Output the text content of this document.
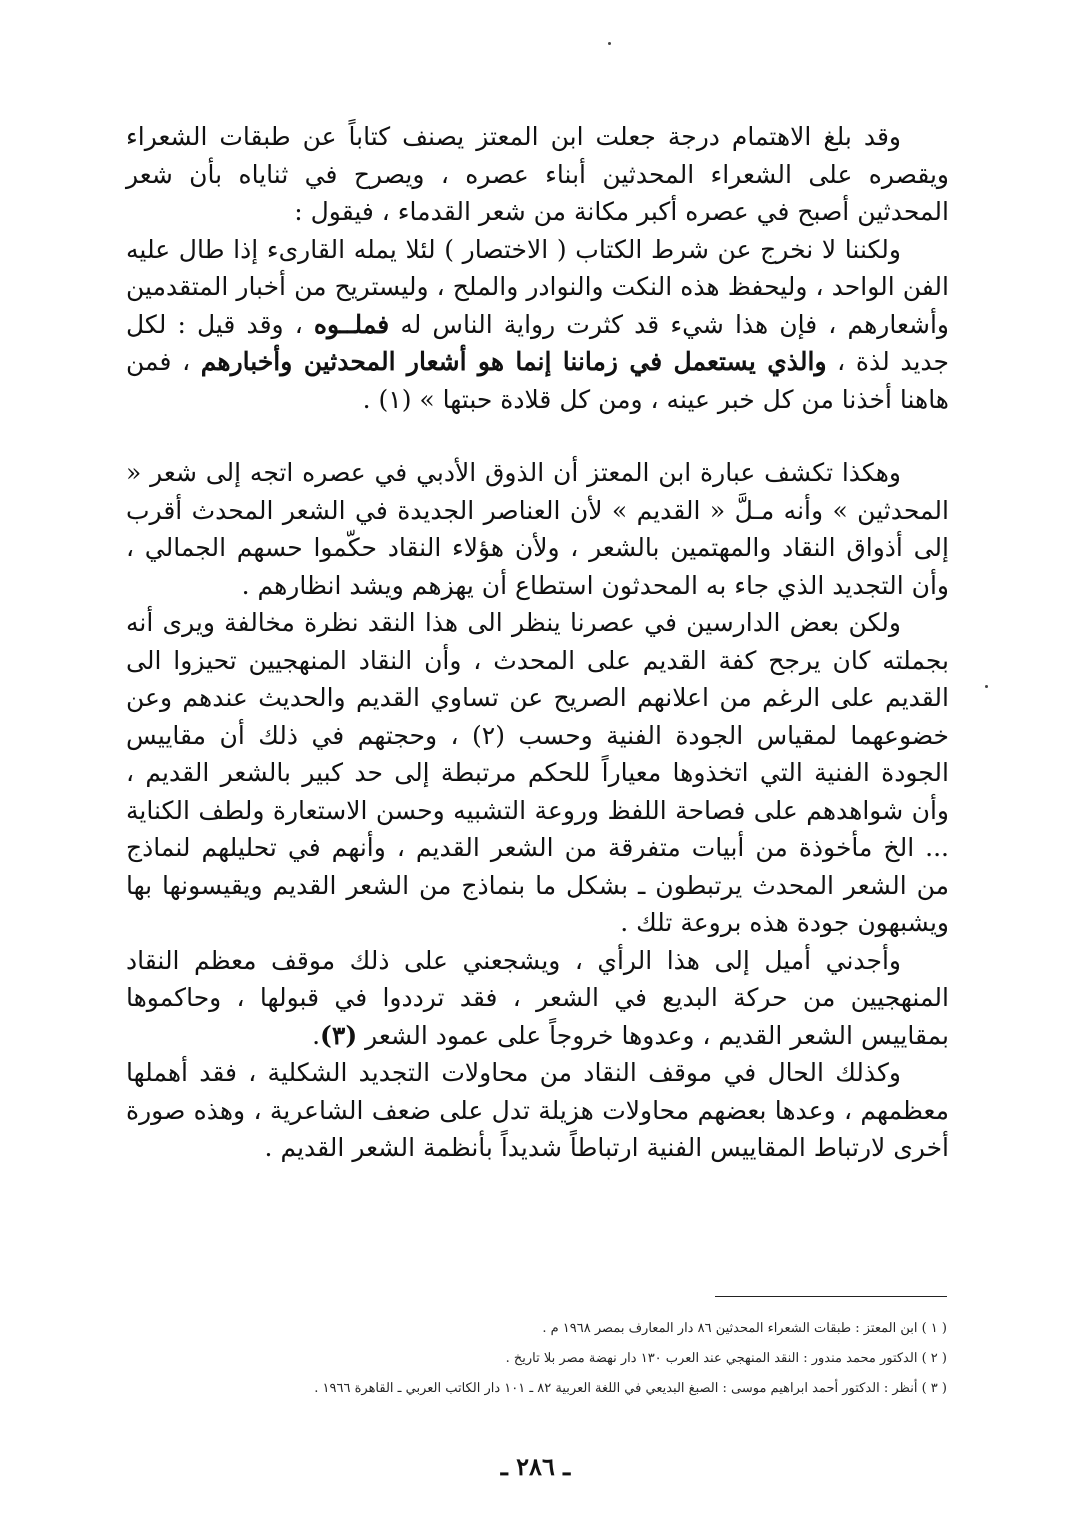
وقد بلغ الاهتمام درجة جعلت ابن المعتز يصنف كتاباً عن طبقات الشعراء ويقصره على الشعراء المحدثين أبناء عصره ، ويصرح في ثناياه بأن شعر المحدثين أصبح في عصره أكبر مكانة من شعر القدماء ، فيقول :

ولكننا لا نخرج عن شرط الكتاب ( الاختصار ) لئلا يمله القارىء إذا طال عليه الفن الواحد ، وليحفظ هذه النكت والنوادر والملح ، وليستريح من أخبار المتقدمين وأشعارهم ، فإن هذا شيء قد كثرت رواية الناس له فملــوه ، وقد قيل : لكل جديد لذة ، والذي يستعمل في زماننا إنما هو أشعار المحدثين وأخبارهم ، فمن هاهنا أخذنا من كل خبر عينه ، ومن كل قلادة حبتها » (١) .

وهكذا تكشف عبارة ابن المعتز أن الذوق الأدبي في عصره اتجه إلى شعر « المحدثين » وأنه مـلَّ « القديم » لأن العناصر الجديدة في الشعر المحدث أقرب إلى أذواق النقاد والمهتمين بالشعر ، ولأن هؤلاء النقاد حكّموا حسهم الجمالي ، وأن التجديد الذي جاء به المحدثون استطاع أن يهزهم ويشد انظارهم .

ولكن بعض الدارسين في عصرنا ينظر الى هذا النقد نظرة مخالفة ويرى أنه بجملته كان يرجح كفة القديم على المحدث ، وأن النقاد المنهجيين تحيزوا الى القديم على الرغم من اعلانهم الصريح عن تساوي القديم والحديث عندهم وعن خضوعهما لمقياس الجودة الفنية وحسب (٢) ، وحجتهم في ذلك أن مقاييس الجودة الفنية التي اتخذوها معياراً للحكم مرتبطة إلى حد كبير بالشعر القديم ، وأن شواهدهم على فصاحة اللفظ وروعة التشبيه وحسن الاستعارة ولطف الكناية ... الخ مأخوذة من أبيات متفرقة من الشعر القديم ، وأنهم في تحليلهم لنماذج من الشعر المحدث يرتبطون ـ بشكل ما بنماذج من الشعر القديم ويقيسونها بها ويشبهون جودة هذه بروعة تلك .

وأجدني أميل إلى هذا الرأي ، ويشجعني على ذلك موقف معظم النقاد المنهجيين من حركة البديع في الشعر ، فقد ترددوا في قبولها ، وحاكموها بمقاييس الشعر القديم ، وعدوها خروجاً على عمود الشعر (٣).

وكذلك الحال في موقف النقاد من محاولات التجديد الشكلية ، فقد أهملها معظمهم ، وعدها بعضهم محاولات هزيلة تدل على ضعف الشاعرية ، وهذه صورة أخرى لارتباط المقاييس الفنية ارتباطاً شديداً بأنظمة الشعر القديم .

( ١ ) ابن المعتز : طبقات الشعراء المحدثين ٨٦ دار المعارف بمصر ١٩٦٨ م .

( ٢ ) الدكتور محمد مندور : النقد المنهجي عند العرب ١٣٠ دار نهضة مصر بلا تاريخ .

( ٣ ) أنظر : الدكتور أحمد ابراهيم موسى : الصبغ البديعي في اللغة العربية ٨٢ ـ ١٠١ دار الكاتب العربي ـ القاهرة ١٩٦٦ .

ـ ٢٨٦ ـ
